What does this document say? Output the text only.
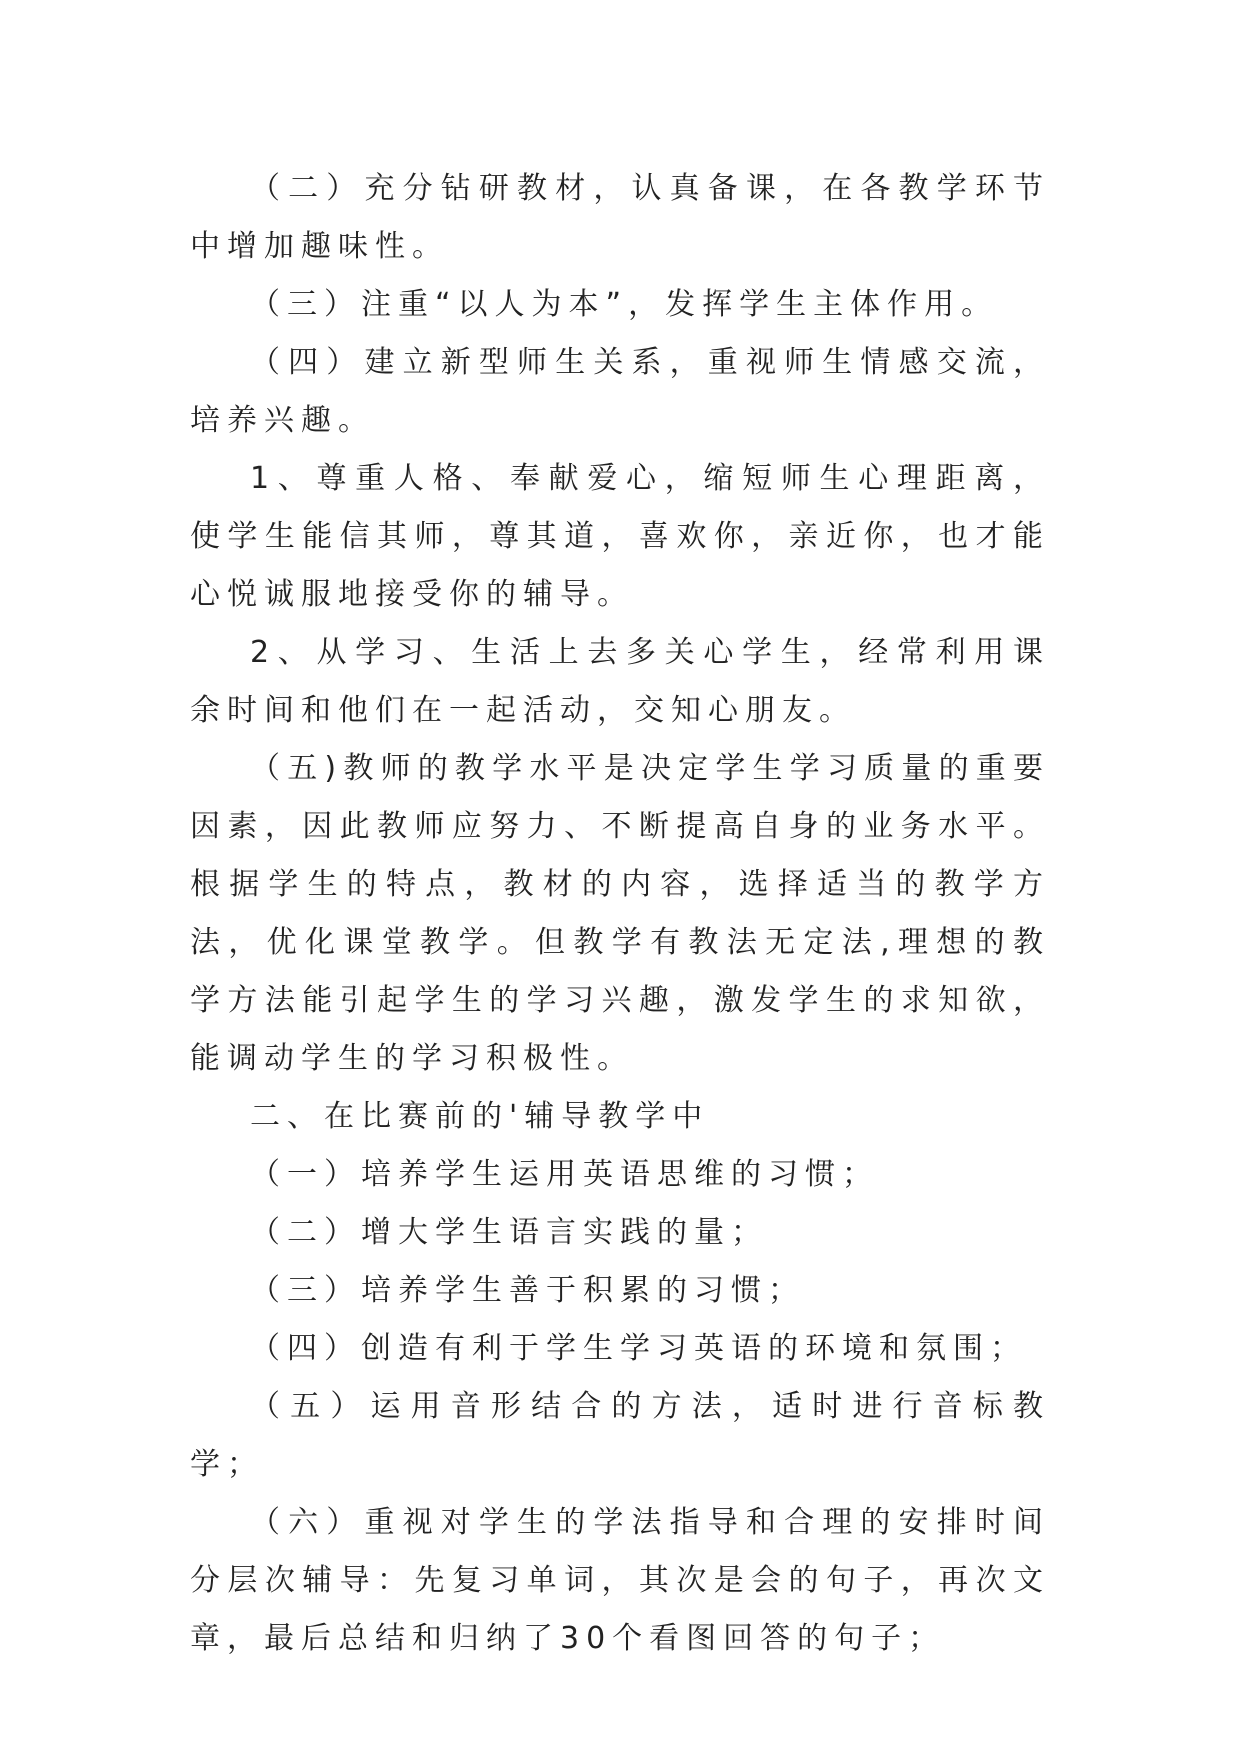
（二）充分钻研教材，认真备课，在各教学环节中增加趣味性。

（三）注重“以人为本”，发挥学生主体作用。

（四）建立新型师生关系，重视师生情感交流，培养兴趣。

1、尊重人格、奉献爱心，缩短师生心理距离，使学生能信其师，尊其道，喜欢你，亲近你，也才能心悦诚服地接受你的辅导。

2、从学习、生活上去多关心学生，经常利用课余时间和他们在一起活动，交知心朋友。

（五)教师的教学水平是决定学生学习质量的重要因素，因此教师应努力、不断提高自身的业务水平。根据学生的特点，教材的内容，选择适当的教学方法，优化课堂教学。但教学有教法无定法,理想的教学方法能引起学生的学习兴趣，激发学生的求知欲，能调动学生的学习积极性。

二、在比赛前的'辅导教学中

（一）培养学生运用英语思维的习惯；

（二）增大学生语言实践的量；

（三）培养学生善于积累的习惯；

（四）创造有利于学生学习英语的环境和氛围；

（五）运用音形结合的方法，适时进行音标教学；

（六）重视对学生的学法指导和合理的安排时间分层次辅导：先复习单词，其次是会的句子，再次文章，最后总结和归纳了30个看图回答的句子；
